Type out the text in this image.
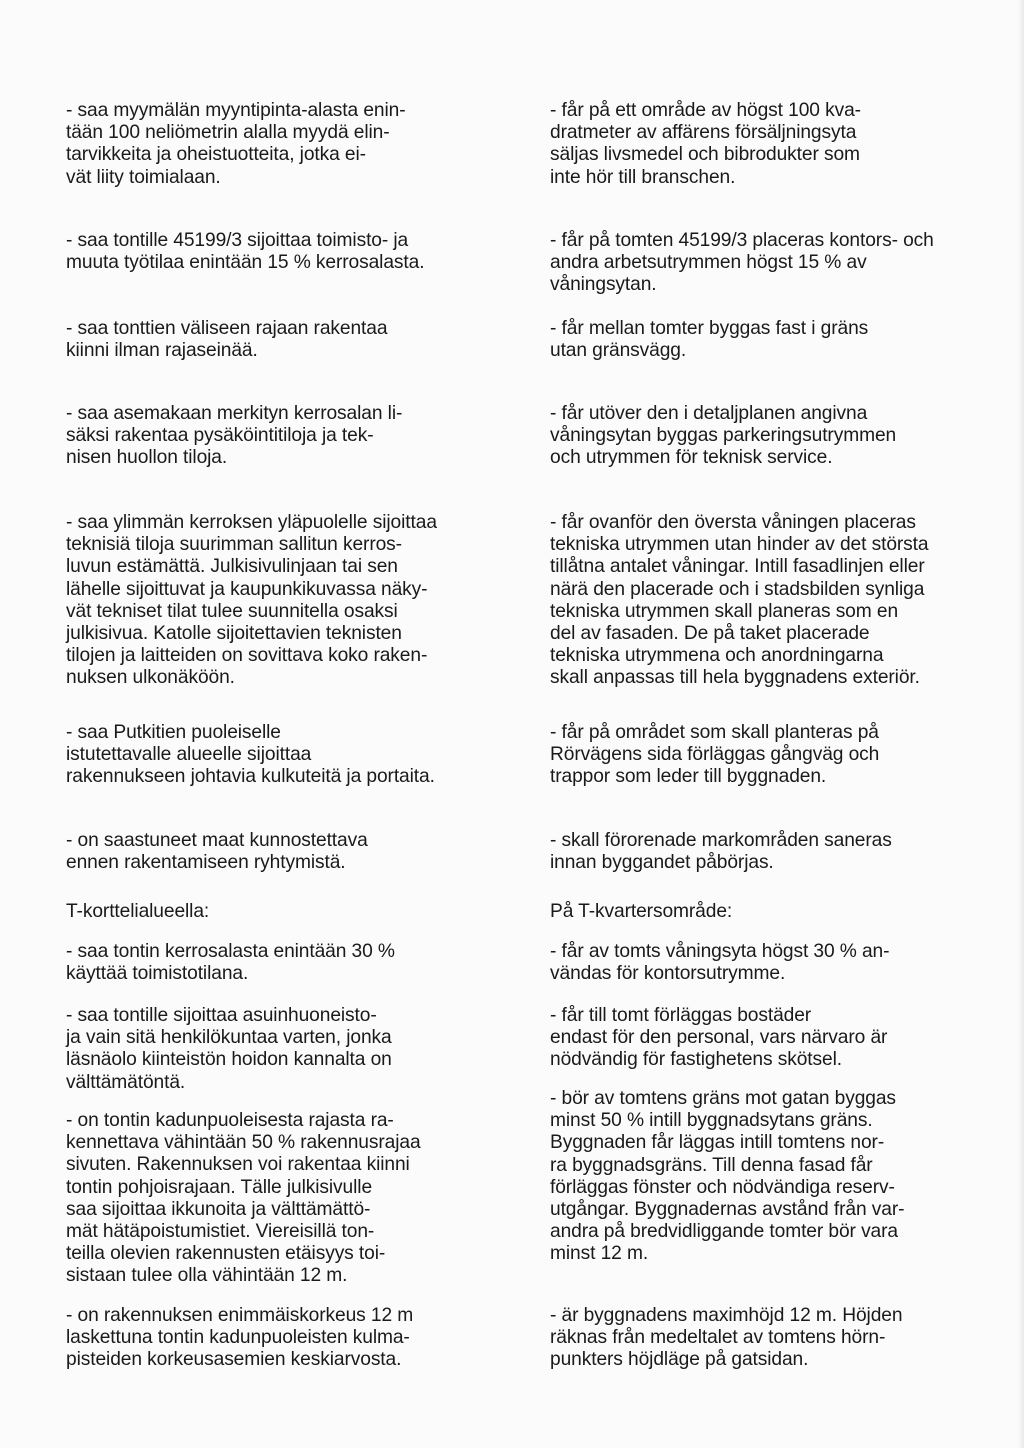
- saa myymälän myyntipinta-alasta enin-
tään 100 neliömetrin alalla myydä elin-
tarvikkeita ja oheistuotteita, jotka ei-
vät liity toimialaan.

- saa tontille 45199/3 sijoittaa toimisto- ja
muuta työtilaa enintään 15 % kerrosalasta.

- saa tonttien väliseen rajaan rakentaa
kiinni ilman rajaseinää.

- saa asemakaan merkityn kerrosalan li-
säksi rakentaa pysäköintitiloja ja tek-
nisen huollon tiloja.

- saa ylimmän kerroksen yläpuolelle sijoittaa
teknisiä tiloja suurimman sallitun kerros-
luvun estämättä. Julkisivulinjaan tai sen
lähelle sijoittuvat ja kaupunkikuvassa näky-
vät tekniset tilat tulee suunnitella osaksi
julkisivua. Katolle sijoitettavien teknisten
tilojen ja laitteiden on sovittava koko raken-
nuksen ulkonäköön.

- saa Putkitien puoleiselle
istutettavalle alueelle sijoittaa
rakennukseen johtavia kulkuteitä ja portaita.

- on saastuneet maat kunnostettava
ennen rakentamiseen ryhtymistä.

T-korttelialueella:

- saa tontin kerrosalasta enintään 30 %
käyttää toimistotilana.

- saa tontille sijoittaa asuinhuoneisto-
ja vain sitä henkilökuntaa varten, jonka
läsnäolo kiinteistön hoidon kannalta on
välttämätöntä.

- on tontin kadunpuoleisesta rajasta ra-
kennettava vähintään 50 % rakennusrajaa
sivuten. Rakennuksen voi rakentaa kiinni
tontin pohjoisrajaan. Tälle julkisivulle
saa sijoittaa ikkunoita ja välttämättö-
mät hätäpoistumistiet. Viereisillä ton-
teilla olevien rakennusten etäisyys toi-
sistaan tulee olla vähintään 12 m.

- on rakennuksen enimmäiskorkeus 12 m
laskettuna tontin kadunpuoleisten kulma-
pisteiden korkeusasemien keskiarvosta.

- får på ett område av högst 100 kva-
dratmeter av affärens försäljningsyta
säljas livsmedel och bibrodukter som
inte hör till branschen.

- får på tomten 45199/3 placeras kontors- och
andra arbetsutrymmen högst 15 % av
våningsytan.

- får mellan tomter byggas fast i gräns
utan gränsvägg.

- får utöver den i detaljplanen angivna
våningsytan byggas parkeringsutrymmen
och utrymmen för teknisk service.

- får ovanför den översta våningen placeras
tekniska utrymmen utan hinder av det största
tillåtna antalet våningar. Intill fasadlinjen eller
närä den placerade och i stadsbilden synliga
tekniska utrymmen skall planeras som en
del av fasaden. De på taket placerade
tekniska utrymmena och anordningarna
skall anpassas till hela byggnadens exteriör.

- får på området som skall planteras på
Rörvägens sida förläggas gångväg och
trappor som leder till byggnaden.

- skall förorenade markområden saneras
innan byggandet påbörjas.

På T-kvartersområde:

- får av tomts våningsyta högst 30 % an-
vändas för kontorsutrymme.

- får till tomt förläggas bostäder
endast för den personal, vars närvaro är
nödvändig för fastighetens skötsel.

- bör av tomtens gräns mot gatan byggas
minst 50 % intill byggnadsytans gräns.
Byggnaden får läggas intill tomtens nor-
ra byggnadsgräns. Till denna fasad får
förläggas fönster och nödvändiga reserv-
utgångar. Byggnadernas avstånd från var-
andra på bredvidliggande tomter bör vara
minst 12 m.

- är byggnadens maximhöjd 12 m. Höjden
räknas från medeltalet av tomtens hörn-
punkters höjdläge på gatsidan.
